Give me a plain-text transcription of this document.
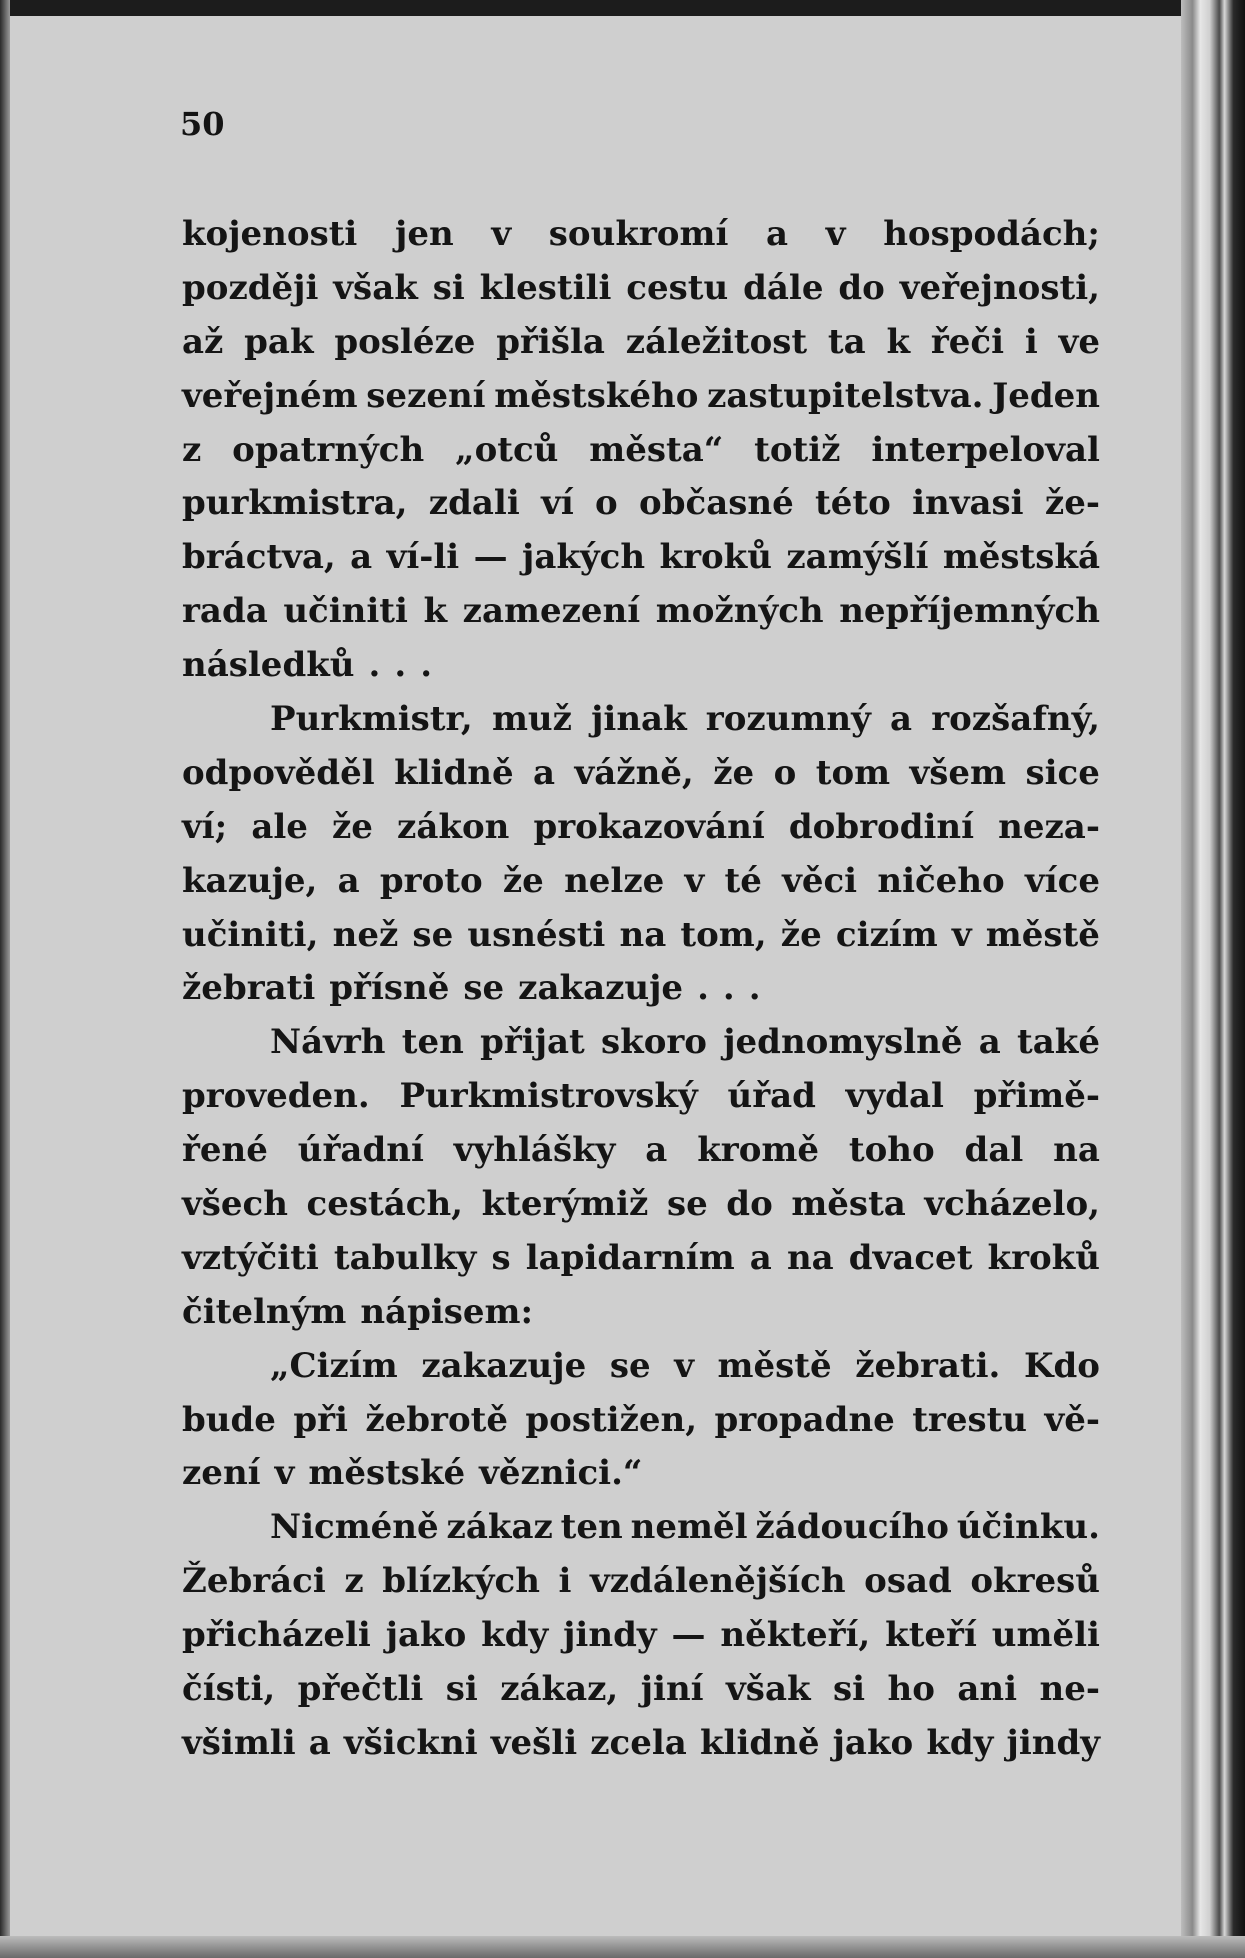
50
kojenosti jen v soukromí a v hospodách;
později však si klestili cestu dále do veřejnosti,
až pak posléze přišla záležitost ta k řeči i ve
veřejném sezení městského zastupitelstva. Jeden
z opatrných „otců města“ totiž interpeloval
purkmistra, zdali ví o občasné této invasi že-
bráctva, a ví-li — jakých kroků zamýšlí městská
rada učiniti k zamezení možných nepříjemných
následků . . .
Purkmistr, muž jinak rozumný a rozšafný,
odpověděl klidně a vážně, že o tom všem sice
ví; ale že zákon prokazování dobrodiní neza-
kazuje, a proto že nelze v té věci ničeho více
učiniti, než se usnésti na tom, že cizím v městě
žebrati přísně se zakazuje . . .
Návrh ten přijat skoro jednomyslně a také
proveden. Purkmistrovský úřad vydal přimě-
řené úřadní vyhlášky a kromě toho dal na
všech cestách, kterýmiž se do města vcházelo,
vztýčiti tabulky s lapidarním a na dvacet kroků
čitelným nápisem:
„Cizím zakazuje se v městě žebrati. Kdo
bude při žebrotě postižen, propadne trestu vě-
zení v městské věznici.“
Nicméně zákaz ten neměl žádoucího účinku.
Žebráci z blízkých i vzdálenějších osad okresů
přicházeli jako kdy jindy — někteří, kteří uměli
čísti, přečtli si zákaz, jiní však si ho ani ne-
všimli a všickni vešli zcela klidně jako kdy jindy
